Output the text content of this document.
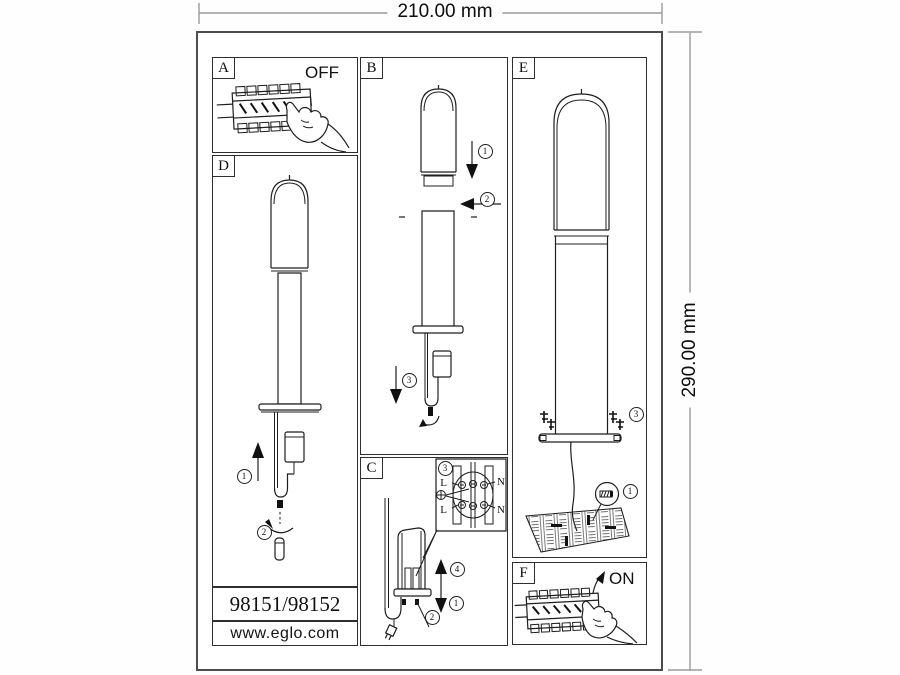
210.00 mm
290.00 mm
A	OFF
D
1
2
98151/98152
www.eglo.com
B
1
2
3
C	3
4
1
2
L	N
L	N
E
3
1
F	ON
